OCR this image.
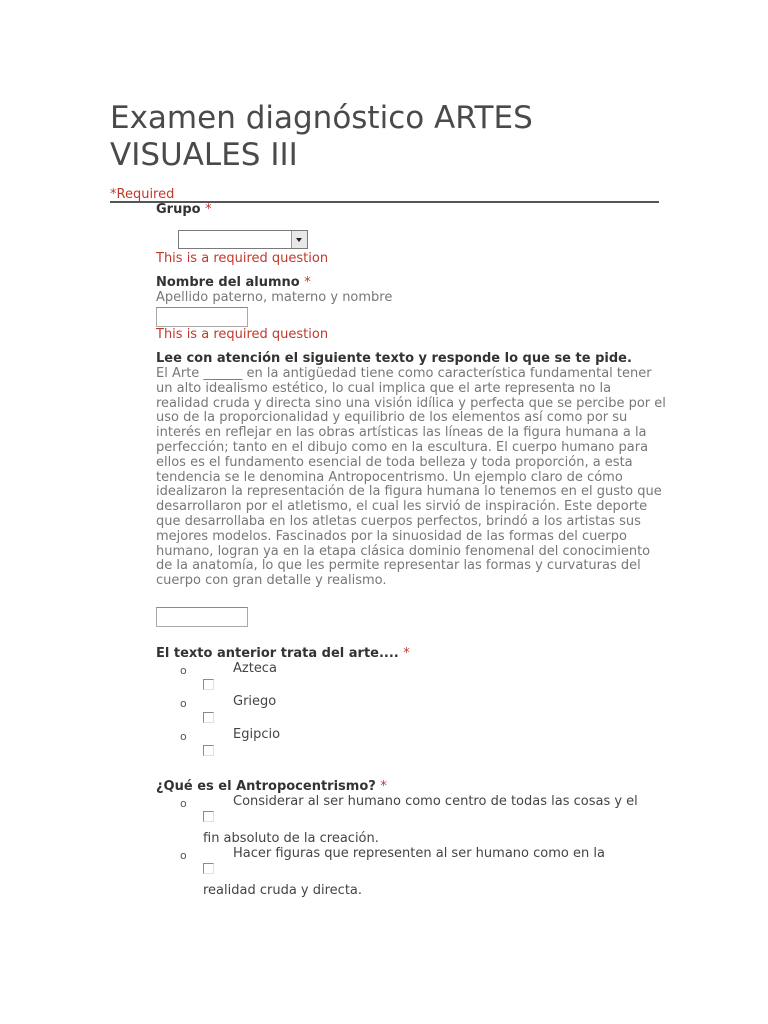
Examen diagnóstico ARTES VISUALES III
*Required
Grupo *
This is a required question
Nombre del alumno *
Apellido paterno, materno y nombre
This is a required question
Lee con atención el siguiente texto y responde lo que se te pide.

El Arte ______ en la antigüedad tiene como característica fundamental tener un alto idealismo estético, lo cual implica que el arte representa no la realidad cruda y directa sino una visión idílica y perfecta que se percibe por el uso de la proporcionalidad y equilibrio de los elementos así como por su interés en reflejar en las obras artísticas las líneas de la figura humana a la perfección; tanto en el dibujo como en la escultura. El cuerpo humano para ellos es el fundamento esencial de toda belleza y toda proporción, a esta tendencia se le denomina Antropocentrismo. Un ejemplo claro de cómo idealizaron la representación de la figura humana lo tenemos en el gusto que desarrollaron por el atletismo, el cual les sirvió de inspiración. Este deporte que desarrollaba en los atletas cuerpos perfectos, brindó a los artistas sus mejores modelos. Fascinados por la sinuosidad de las formas del cuerpo humano, logran ya en la etapa clásica dominio fenomenal del conocimiento de la anatomía, lo que les permite representar las formas y curvaturas del cuerpo con gran detalle y realismo.

El texto anterior trata del arte.... *
o	Azteca
o	Griego
o	Egipcio
¿Qué es el Antropocentrismo? *
o	Considerar al ser humano como centro de todas las cosas y el
fin absoluto de la creación.
o	Hacer figuras que representen al ser humano como en la
realidad cruda y directa.
